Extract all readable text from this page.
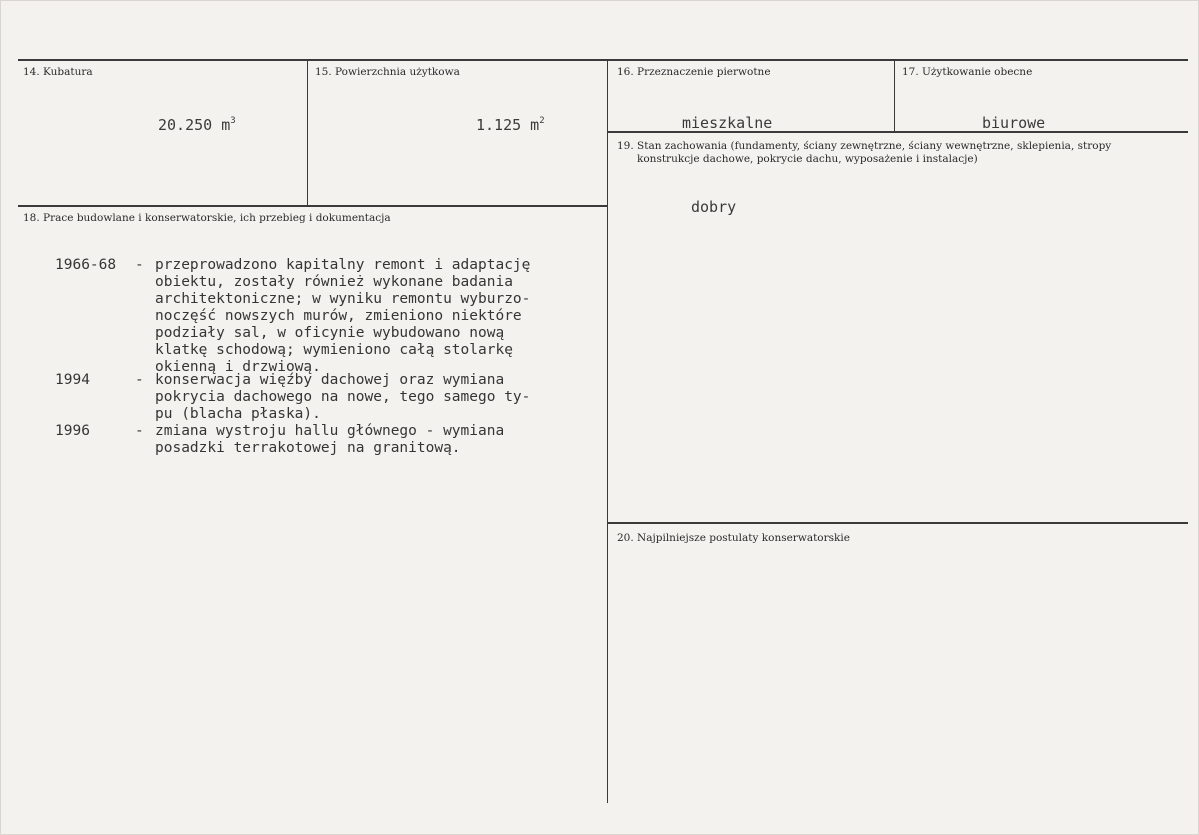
14. Kubatura
20.250 $m^3$
15. Powierzchnia użytkowa
1.125 $m^2$
16. Przeznaczenie pierwotne
mieszkalne
17. Użytkowanie obecne
biurowe
19. Stan zachowania (fundamenty, ściany zewnętrzne, ściany wewnętrzne, sklepienia, stropy
konstrukcje dachowe, pokrycie dachu, wyposażenie i instalacje)
dobry
18. Prace budowlane i konserwatorskie, ich przebieg i dokumentacja
1966-68 - przeprowadzono kapitalny remont i adaptację
obiektu, zostały również wykonane badania
architektoniczne; w wyniku remontu wyburzo-
noczęść nowszych murów, zmieniono niektóre
podziały sal, w oficynie wybudowano nową
klatkę schodową; wymieniono całą stolarkę
okienną i drzwiową.
1994	- konserwacja więźby dachowej oraz wymiana
pokrycia dachowego na nowe, tego samego ty-
pu (blacha płaska).
1996	- zmiana wystroju hallu głównego - wymiana
posadzki terrakotowej na granitową.
20. Najpilniejsze postulaty konserwatorskie
